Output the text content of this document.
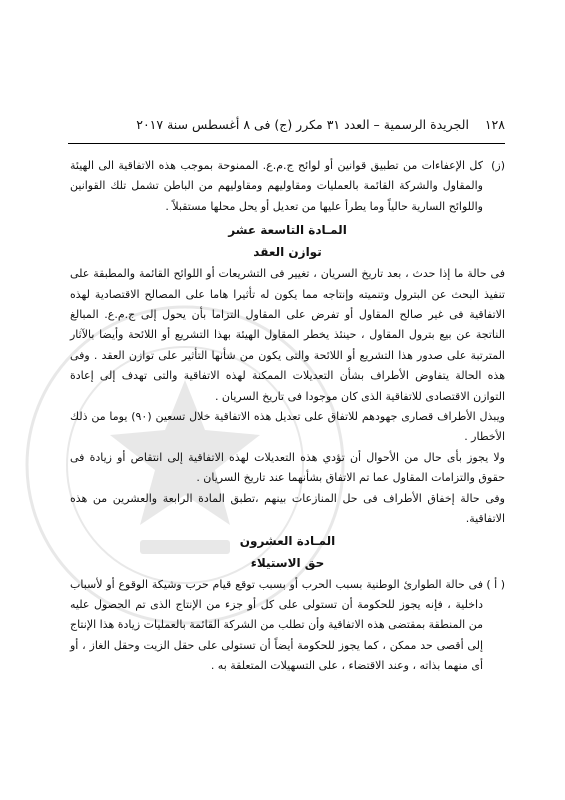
١٢٨    الجريدة الرسمية – العدد ٣١ مكرر (ج) فى ٨ أغسطس سنة ٢٠١٧
(ز)
كل الإعفاءات من تطبيق قوانين أو لوائح ج.م.ع. الممنوحة بموجب هذه الاتفاقية الى الهيئة والمقاول والشركة القائمة بالعمليات ومقاوليهم ومقاوليهم من الباطن تشمل تلك القوانين واللوائح السارية حالياً وما يطرأ عليها من تعديل أو يحل محلها مستقبلاً .
المـادة التاسعة عشر
توازن العقد

فى حالة ما إذا حدث ، بعد تاريخ السريان ، تغيير فى التشريعات أو اللوائح القائمة والمطبقة على تنفيذ البحث عن البترول وتنميته وإنتاجه مما يكون له تأثيرا هاما على المصالح الاقتصادية لهذه الاتفاقية فى غير صالح المقاول أو تفرض على المقاول التزاما بأن يحول إلى ج.م.ع. المبالغ الناتجة عن بيع بترول المقاول ، حينئذ يخطر المقاول الهيئة بهذا التشريع أو اللائحة وأيضا بالآثار المترتبة على صدور هذا التشريع أو اللائحة والتى يكون من شأنها التأثير على توازن العقد . وفى هذه الحالة يتفاوض الأطراف بشأن التعديلات الممكنة لهذه الاتفاقية والتى تهدف إلى إعادة التوازن الاقتصادى للاتفاقية الذى كان موجودا فى تاريخ السريان .

ويبذل الأطراف قصارى جهودهم للاتفاق على تعديل هذه الاتفاقية خلال تسعين (٩٠) يوما من ذلك الأخطار .

ولا يجوز بأى حال من الأحوال أن تؤدي هذه التعديلات لهذه الاتفاقية إلى انتقاص أو زيادة فى حقوق والتزامات المقاول عما تم الاتفاق بشأنهما عند تاريخ السريان .

وفى حالة إخفاق الأطراف فى حل المنازعات بينهم ،تطبق المادة الرابعة والعشرين من هذه الاتفاقية.

المـادة العشرون
حق الاستيلاء
( أ )
فى حالة الطوارئ الوطنية بسبب الحرب أو بسبب توقع قيام حرب وشيكة الوقوع أو لأسباب داخلية ، فإنه يجوز للحكومة أن تستولى على كل أو جزء من الإنتاج الذى تم الحصول عليه من المنطقة بمقتضى هذه الاتفاقية وأن تطلب من الشركة القائمة بالعمليات زيادة هذا الإنتاج إلى أقصى حد ممكن ، كما يجوز للحكومة أيضاً أن تستولى على حقل الزيت وحقل الغاز ، أو أى منهما بذاته ، وعند الاقتضاء ، على التسهيلات المتعلقة به .
